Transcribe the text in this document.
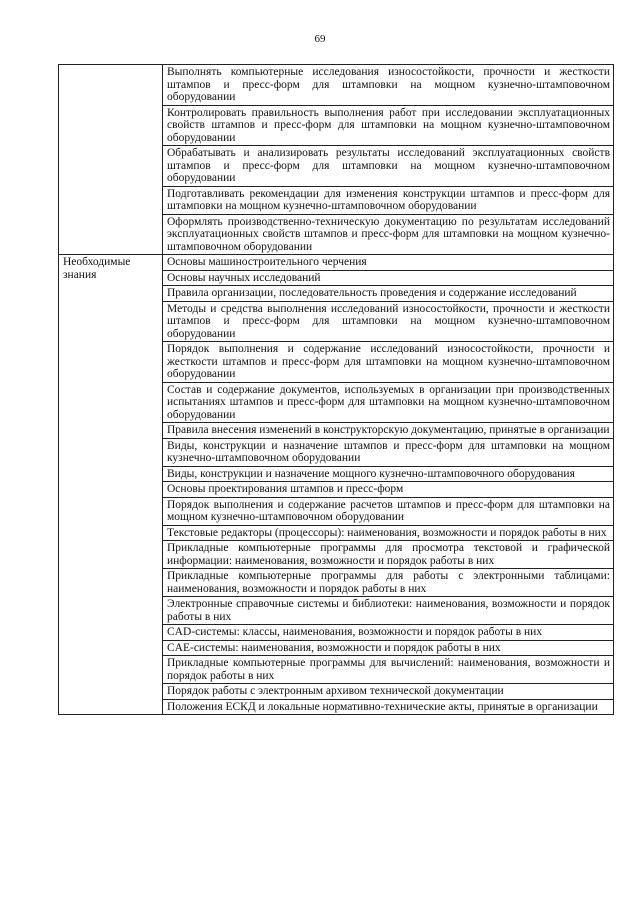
69
	Выполнять компьютерные исследования износостойкости, прочности и жесткости штампов и пресс-форм для штамповки на мощном кузнечно-штамповочном оборудовании
	Контролировать правильность выполнения работ при исследовании эксплуатационных свойств штампов и пресс-форм для штамповки на мощном кузнечно-штамповочном оборудовании
	Обрабатывать и анализировать результаты исследований эксплуатационных свойств штампов и пресс-форм для штамповки на мощном кузнечно-штамповочном оборудовании
	Подготавливать рекомендации для изменения конструкции штампов и пресс-форм для штамповки на мощном кузнечно-штамповочном оборудовании
	Оформлять производственно-техническую документацию по результатам исследований эксплуатационных свойств штампов и пресс-форм для штамповки на мощном кузнечно-штамповочном оборудовании
Необходимые знания	Основы машиностроительного черчения
	Основы научных исследований
	Правила организации, последовательность проведения и содержание исследований
	Методы и средства выполнения исследований износостойкости, прочности и жесткости штампов и пресс-форм для штамповки на мощном кузнечно-штамповочном оборудовании
	Порядок выполнения и содержание исследований износостойкости, прочности и жесткости штампов и пресс-форм для штамповки на мощном кузнечно-штамповочном оборудовании
	Состав и содержание документов, используемых в организации при производственных испытаниях штампов и пресс-форм для штамповки на мощном кузнечно-штамповочном оборудовании
	Правила внесения изменений в конструкторскую документацию, принятые в организации
	Виды, конструкции и назначение штампов и пресс-форм для штамповки на мощном кузнечно-штамповочном оборудовании
	Виды, конструкции и назначение мощного кузнечно-штамповочного оборудования
	Основы проектирования штампов и пресс-форм
	Порядок выполнения и содержание расчетов штампов и пресс-форм для штамповки на мощном кузнечно-штамповочном оборудовании
	Текстовые редакторы (процессоры): наименования, возможности и порядок работы в них
	Прикладные компьютерные программы для просмотра текстовой и графической информации: наименования, возможности и порядок работы в них
	Прикладные компьютерные программы для работы с электронными таблицами: наименования, возможности и порядок работы в них
	Электронные справочные системы и библиотеки: наименования, возможности и порядок работы в них
	CAD-системы: классы, наименования, возможности и порядок работы в них
	CAE-системы: наименования, возможности и порядок работы в них
	Прикладные компьютерные программы для вычислений: наименования, возможности и порядок работы в них
	Порядок работы с электронным архивом технической документации
	Положения ЕСКД и локальные нормативно-технические акты, принятые в организации
